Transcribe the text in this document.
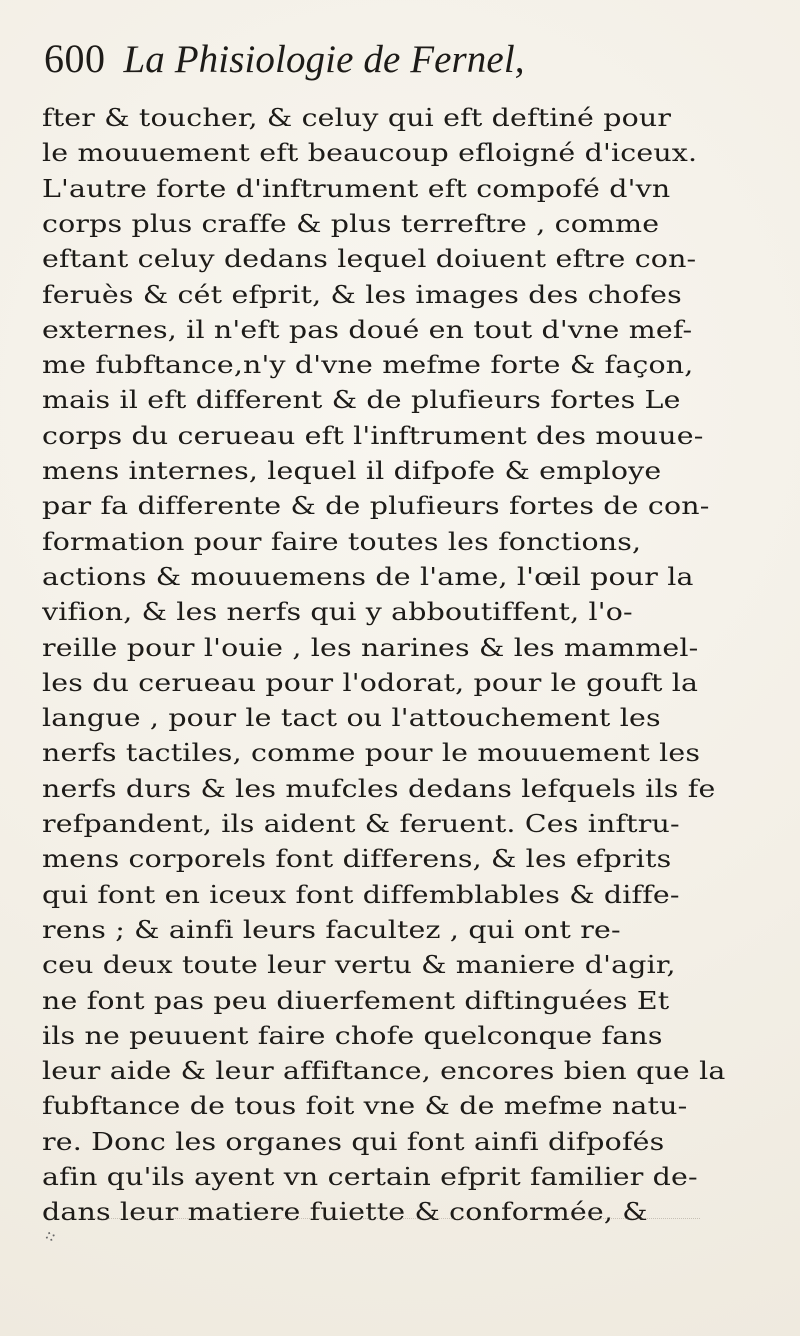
600 La Phisiologie de Fernel,
fter & toucher, & celuy qui eft deftiné pour
le mouuement eft beaucoup efloigné d'iceux.
L'autre forte d'inftrument eft compofé d'vn
corps plus craffe & plus terreftre , comme
eftant celuy dedans lequel doiuent eftre con-
feruès & cét efprit, & les images des chofes
externes, il n'eft pas doué en tout d'vne mef-
me fubftance,n'y d'vne mefme forte & façon,
mais il eft different & de plufieurs fortes Le
corps du cerueau eft l'inftrument des mouue-
mens internes, lequel il difpofe & employe
par fa differente & de plufieurs fortes de con-
formation pour faire toutes les fonctions,
actions & mouuemens de l'ame, l'œil pour la
vifion, & les nerfs qui y abboutiffent, l'o-
reille pour l'ouie , les narines & les mammel-
les du cerueau pour l'odorat, pour le gouft la
langue , pour le tact ou l'attouchement les
nerfs tactiles, comme pour le mouuement les
nerfs durs & les mufcles dedans lefquels ils fe
refpandent, ils aident & feruent. Ces inftru-
mens corporels font differens, & les efprits
qui font en iceux font diffemblables & diffe-
rens ; & ainfi leurs facultez , qui ont re-
ceu deux toute leur vertu & maniere d'agir,
ne font pas peu diuerfement diftinguées Et
ils ne peuuent faire chofe quelconque fans
leur aide & leur affiftance, encores bien que la
fubftance de tous foit vne & de mefme natu-
re. Donc les organes qui font ainfi difpofés
afin qu'ils ayent vn certain efprit familier de-
dans leur matiere fuiette & conformée, &
⁘
